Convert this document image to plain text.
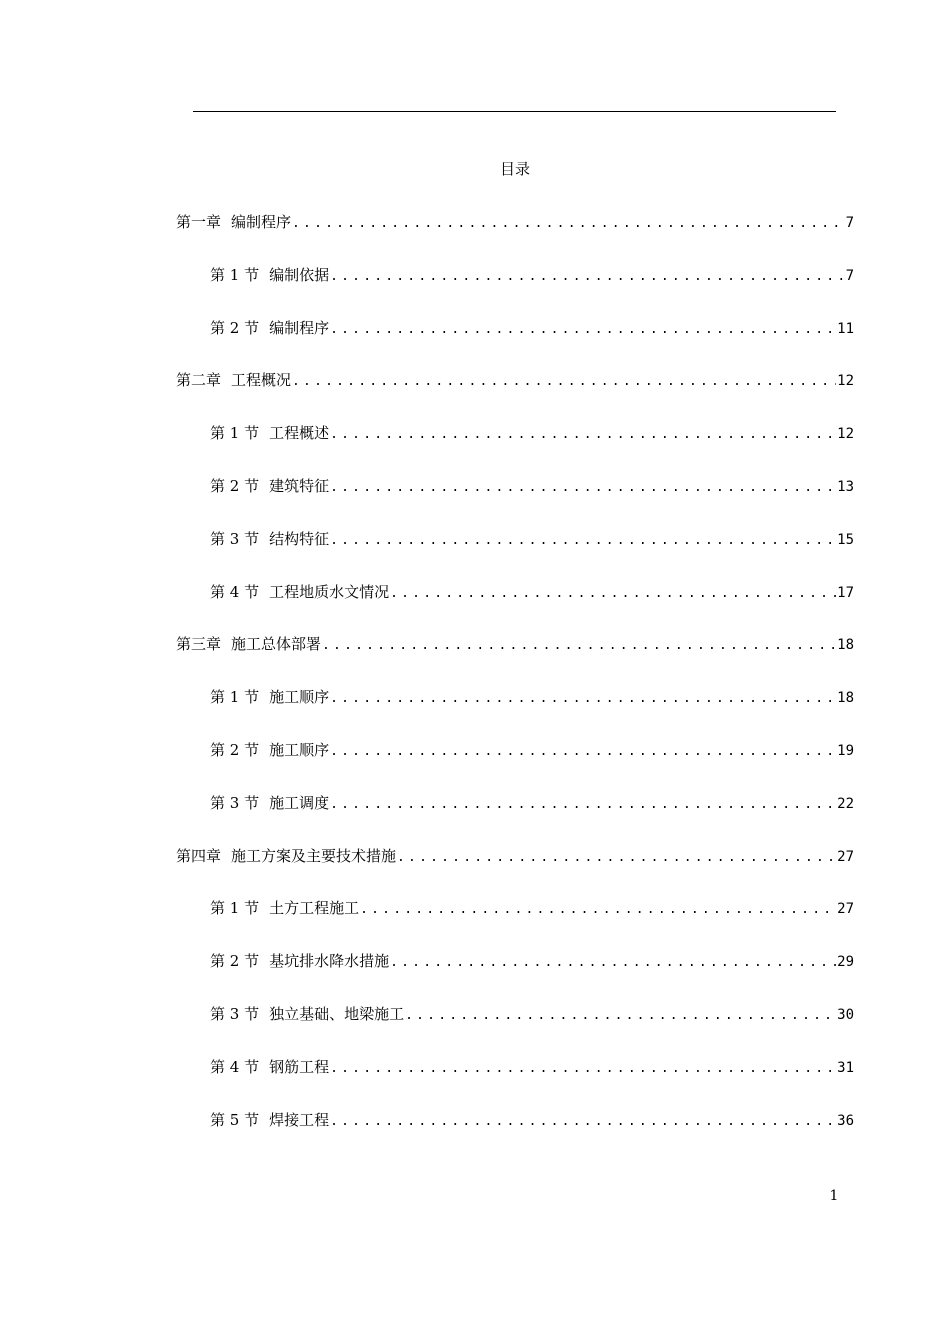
目录
第一章 编制程序 .....	7
第 1 节 编制依据 .....	7
第 2 节 编制程序 .....	11
第二章 工程概况 .....	12
第 1 节 工程概述 .....	12
第 2 节 建筑特征 .....	13
第 3 节 结构特征 .....	15
第 4 节 工程地质水文情况 .....	17
第三章 施工总体部署 .....	18
第 1 节 施工顺序 .....	18
第 2 节 施工顺序 .....	19
第 3 节 施工调度 .....	22
第四章 施工方案及主要技术措施 .....	27
第 1 节 土方工程施工 .....	27
第 2 节 基坑排水降水措施 .....	29
第 3 节 独立基础、地梁施工 .....	30
第 4 节 钢筋工程 .....	31
第 5 节 焊接工程 .....	36
1
